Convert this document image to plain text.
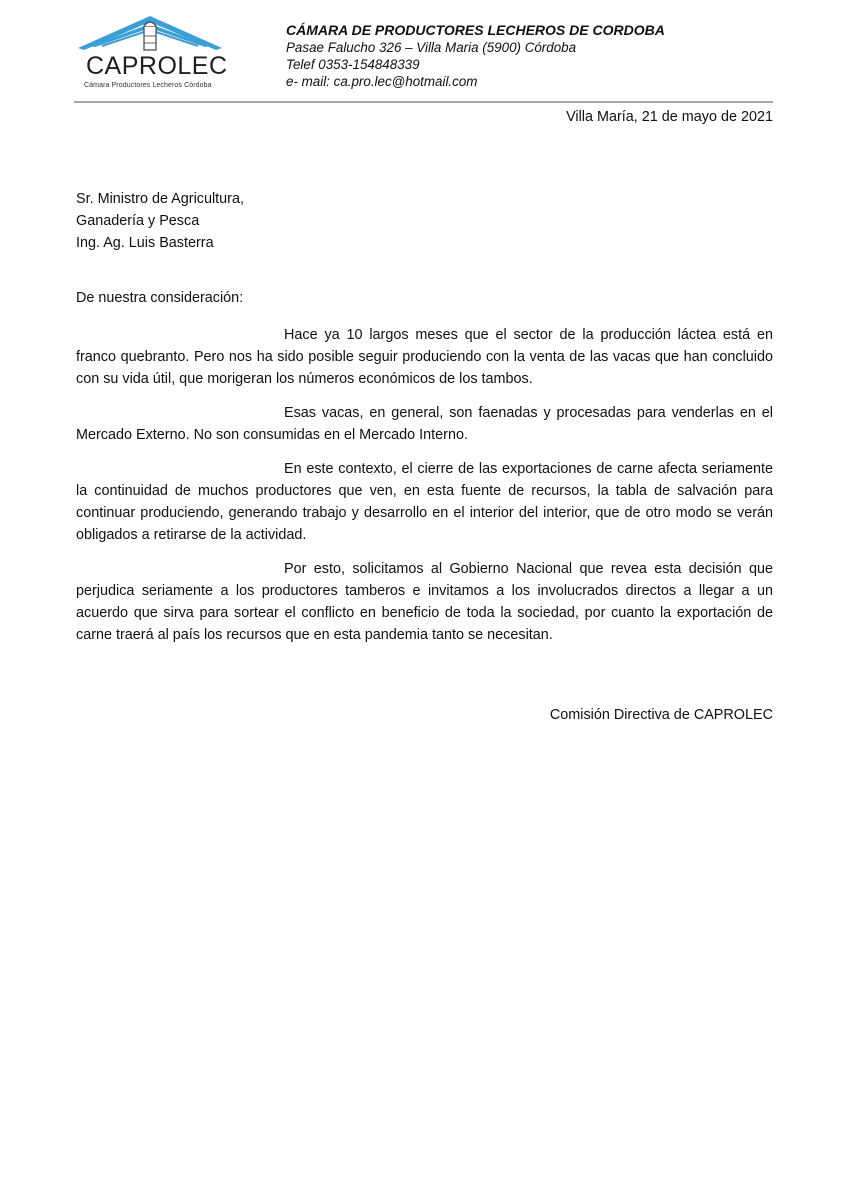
CAPROLEC
Cámara Productores Lecheros Córdoba
CÁMARA DE PRODUCTORES LECHEROS DE CORDOBA
Pasae Falucho 326 – Villa Maria (5900) Córdoba
Telef 0353-154848339
e- mail: ca.pro.lec@hotmail.com
Villa María, 21 de mayo de 2021
Sr. Ministro de Agricultura,
Ganadería y Pesca
Ing. Ag. Luis Basterra
De nuestra consideración:

Hace ya 10 largos meses que el sector de la producción láctea está en franco quebranto. Pero nos ha sido posible seguir produciendo con la venta de las vacas que han concluido con su vida útil, que morigeran los números económicos de los tambos.

Esas vacas, en general, son faenadas y procesadas para venderlas en el Mercado Externo. No son consumidas en el Mercado Interno.

En este contexto, el cierre de las exportaciones de carne afecta seriamente la continuidad de muchos productores que ven, en esta fuente de recursos, la tabla de salvación para continuar produciendo, generando trabajo y desarrollo en el interior del interior, que de otro modo se verán obligados a retirarse de la actividad.

Por esto, solicitamos al Gobierno Nacional que revea esta decisión que perjudica seriamente a los productores tamberos e invitamos a los involucrados directos a llegar a un acuerdo que sirva para sortear el conflicto en beneficio de toda la sociedad, por cuanto la exportación de carne traerá al país los recursos que en esta pandemia tanto se necesitan.

Comisión Directiva de CAPROLEC
